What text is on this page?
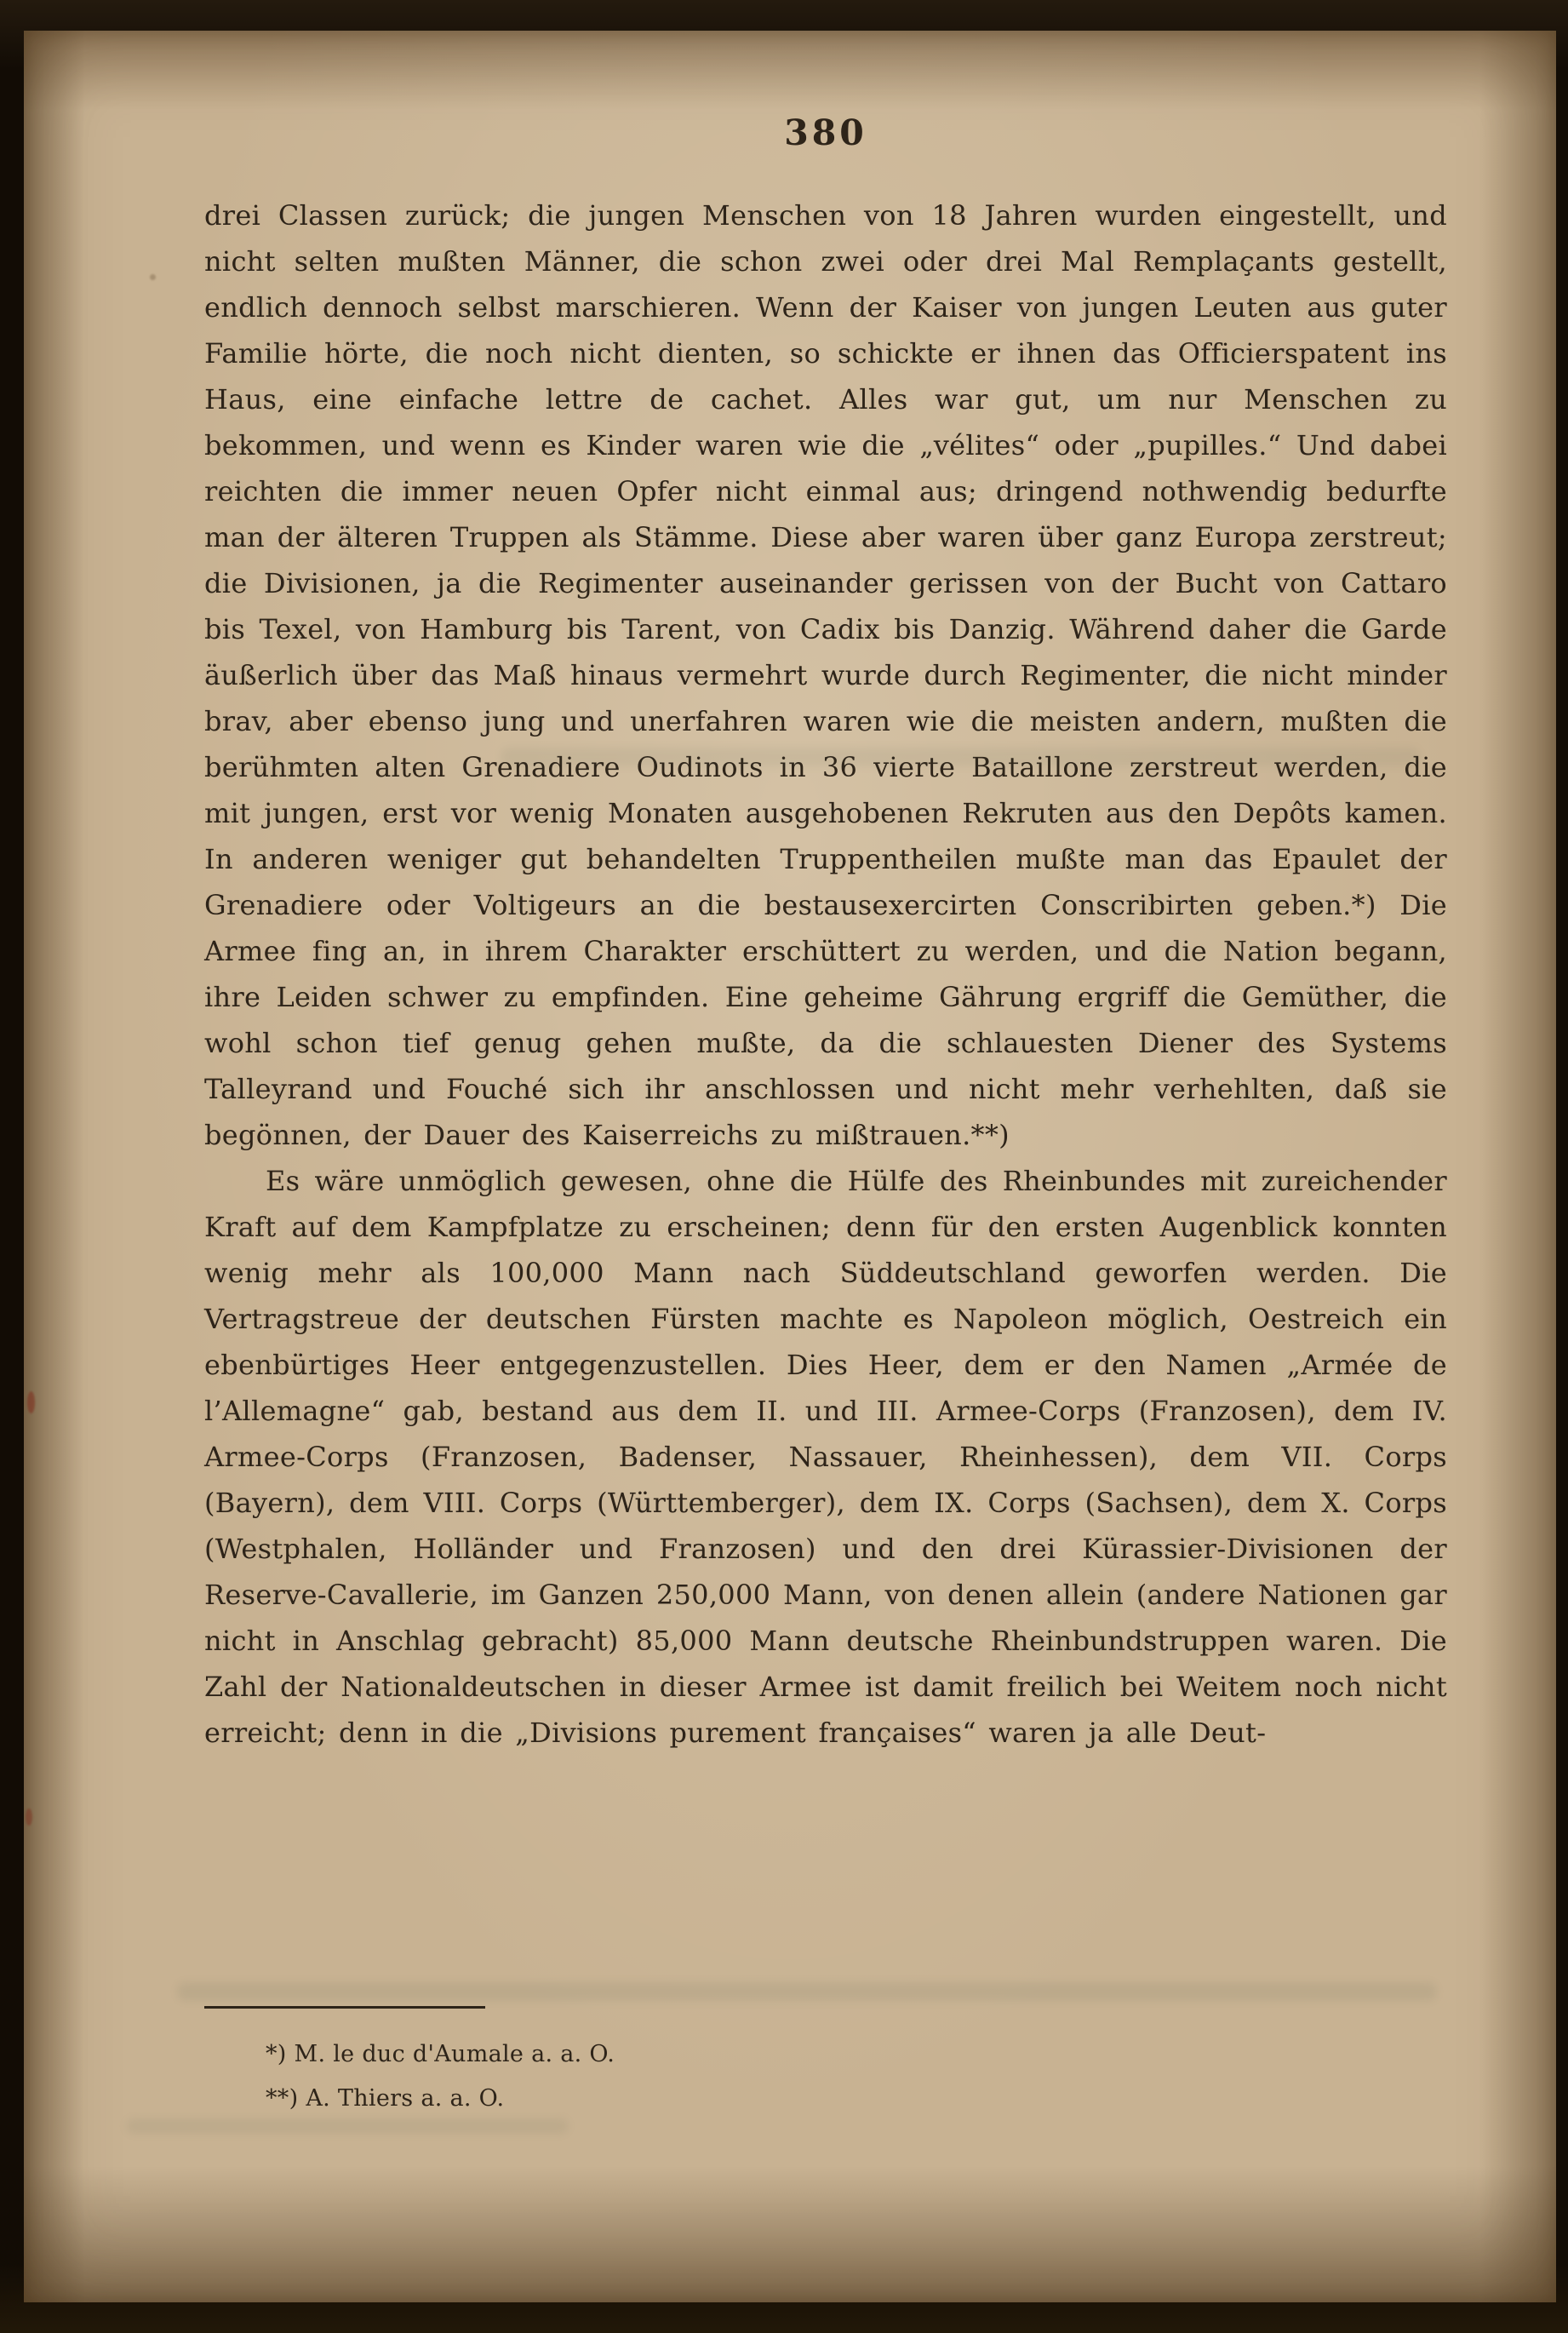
380

drei Classen zurück; die jungen Menschen von 18 Jahren wurden eingestellt, und nicht selten mußten Männer, die schon zwei oder drei Mal Remplaçants gestellt, endlich dennoch selbst marschieren. Wenn der Kaiser von jungen Leuten aus guter Familie hörte, die noch nicht dienten, so schickte er ihnen das Officierspatent ins Haus, eine einfache lettre de cachet. Alles war gut, um nur Menschen zu bekommen, und wenn es Kinder waren wie die „vélites“ oder „pupilles.“ Und dabei reichten die immer neuen Opfer nicht einmal aus; dringend nothwendig bedurfte man der älteren Truppen als Stämme. Diese aber waren über ganz Europa zerstreut; die Divisionen, ja die Regimenter auseinander gerissen von der Bucht von Cattaro bis Texel, von Hamburg bis Tarent, von Cadix bis Danzig. Während daher die Garde äußerlich über das Maß hinaus vermehrt wurde durch Regimenter, die nicht minder brav, aber ebenso jung und unerfahren waren wie die meisten andern, mußten die berühmten alten Grenadiere Oudinots in 36 vierte Bataillone zerstreut werden, die mit jungen, erst vor wenig Monaten ausgehobenen Rekruten aus den Depôts kamen. In anderen weniger gut behandelten Truppentheilen mußte man das Epaulet der Grenadiere oder Voltigeurs an die bestausexercirten Conscribirten geben.*) Die Armee fing an, in ihrem Charakter erschüttert zu werden, und die Nation begann, ihre Leiden schwer zu empfinden. Eine geheime Gährung ergriff die Gemüther, die wohl schon tief genug gehen mußte, da die schlauesten Diener des Systems Talleyrand und Fouché sich ihr anschlossen und nicht mehr verhehlten, daß sie begönnen, der Dauer des Kaiserreichs zu mißtrauen.**)

Es wäre unmöglich gewesen, ohne die Hülfe des Rheinbundes mit zureichender Kraft auf dem Kampfplatze zu erscheinen; denn für den ersten Augenblick konnten wenig mehr als 100,000 Mann nach Süddeutschland geworfen werden. Die Vertragstreue der deutschen Fürsten machte es Napoleon möglich, Oestreich ein ebenbürtiges Heer entgegenzustellen. Dies Heer, dem er den Namen „Armée de l’Allemagne“ gab, bestand aus dem II. und III. Armee-Corps (Franzosen), dem IV. Armee-Corps (Franzosen, Badenser, Nassauer, Rheinhessen), dem VII. Corps (Bayern), dem VIII. Corps (Württemberger), dem IX. Corps (Sachsen), dem X. Corps (Westphalen, Holländer und Franzosen) und den drei Kürassier-Divisionen der Reserve-Cavallerie, im Ganzen 250,000 Mann, von denen allein (andere Nationen gar nicht in Anschlag gebracht) 85,000 Mann deutsche Rheinbundstruppen waren. Die Zahl der Nationaldeutschen in dieser Armee ist damit freilich bei Weitem noch nicht erreicht; denn in die „Divisions purement françaises“ waren ja alle Deut-

*) M. le duc d'Aumale a. a. O.

**) A. Thiers a. a. O.
